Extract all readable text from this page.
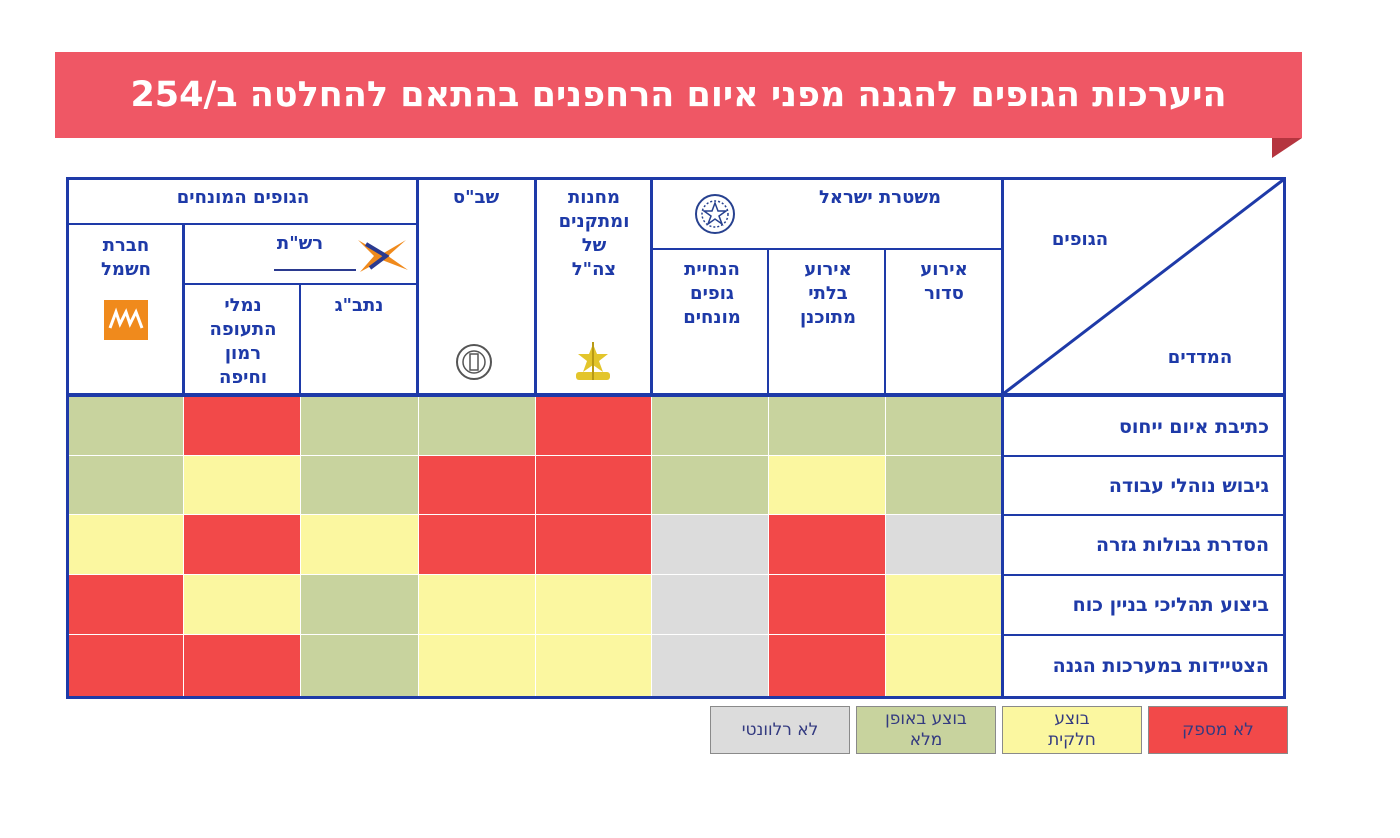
היערכות הגופים להגנה מפני איום הרחפנים בהתאם להחלטה ב/254
כתיבת איום ייחוס
גיבוש נוהלי עבודה
הסדרת גבולות גזרה
ביצוע תהליכי בניין כוח
הצטיידות במערכות הגנה
הגופים
המדדים
משטרת ישראל
אירוע
סדור
אירוע
בלתי
מתוכנן
הנחיית
גופים
מונחים
מחנות
ומתקנים
של
צה"ל
שב"ס
הגופים המונחים
רש"ת
נתב"ג
נמלי
התעופה
רמון
וחיפה
חברת
חשמל
לא מספק
בוצע
חלקית
בוצע באופן
מלא
לא רלוונטי
